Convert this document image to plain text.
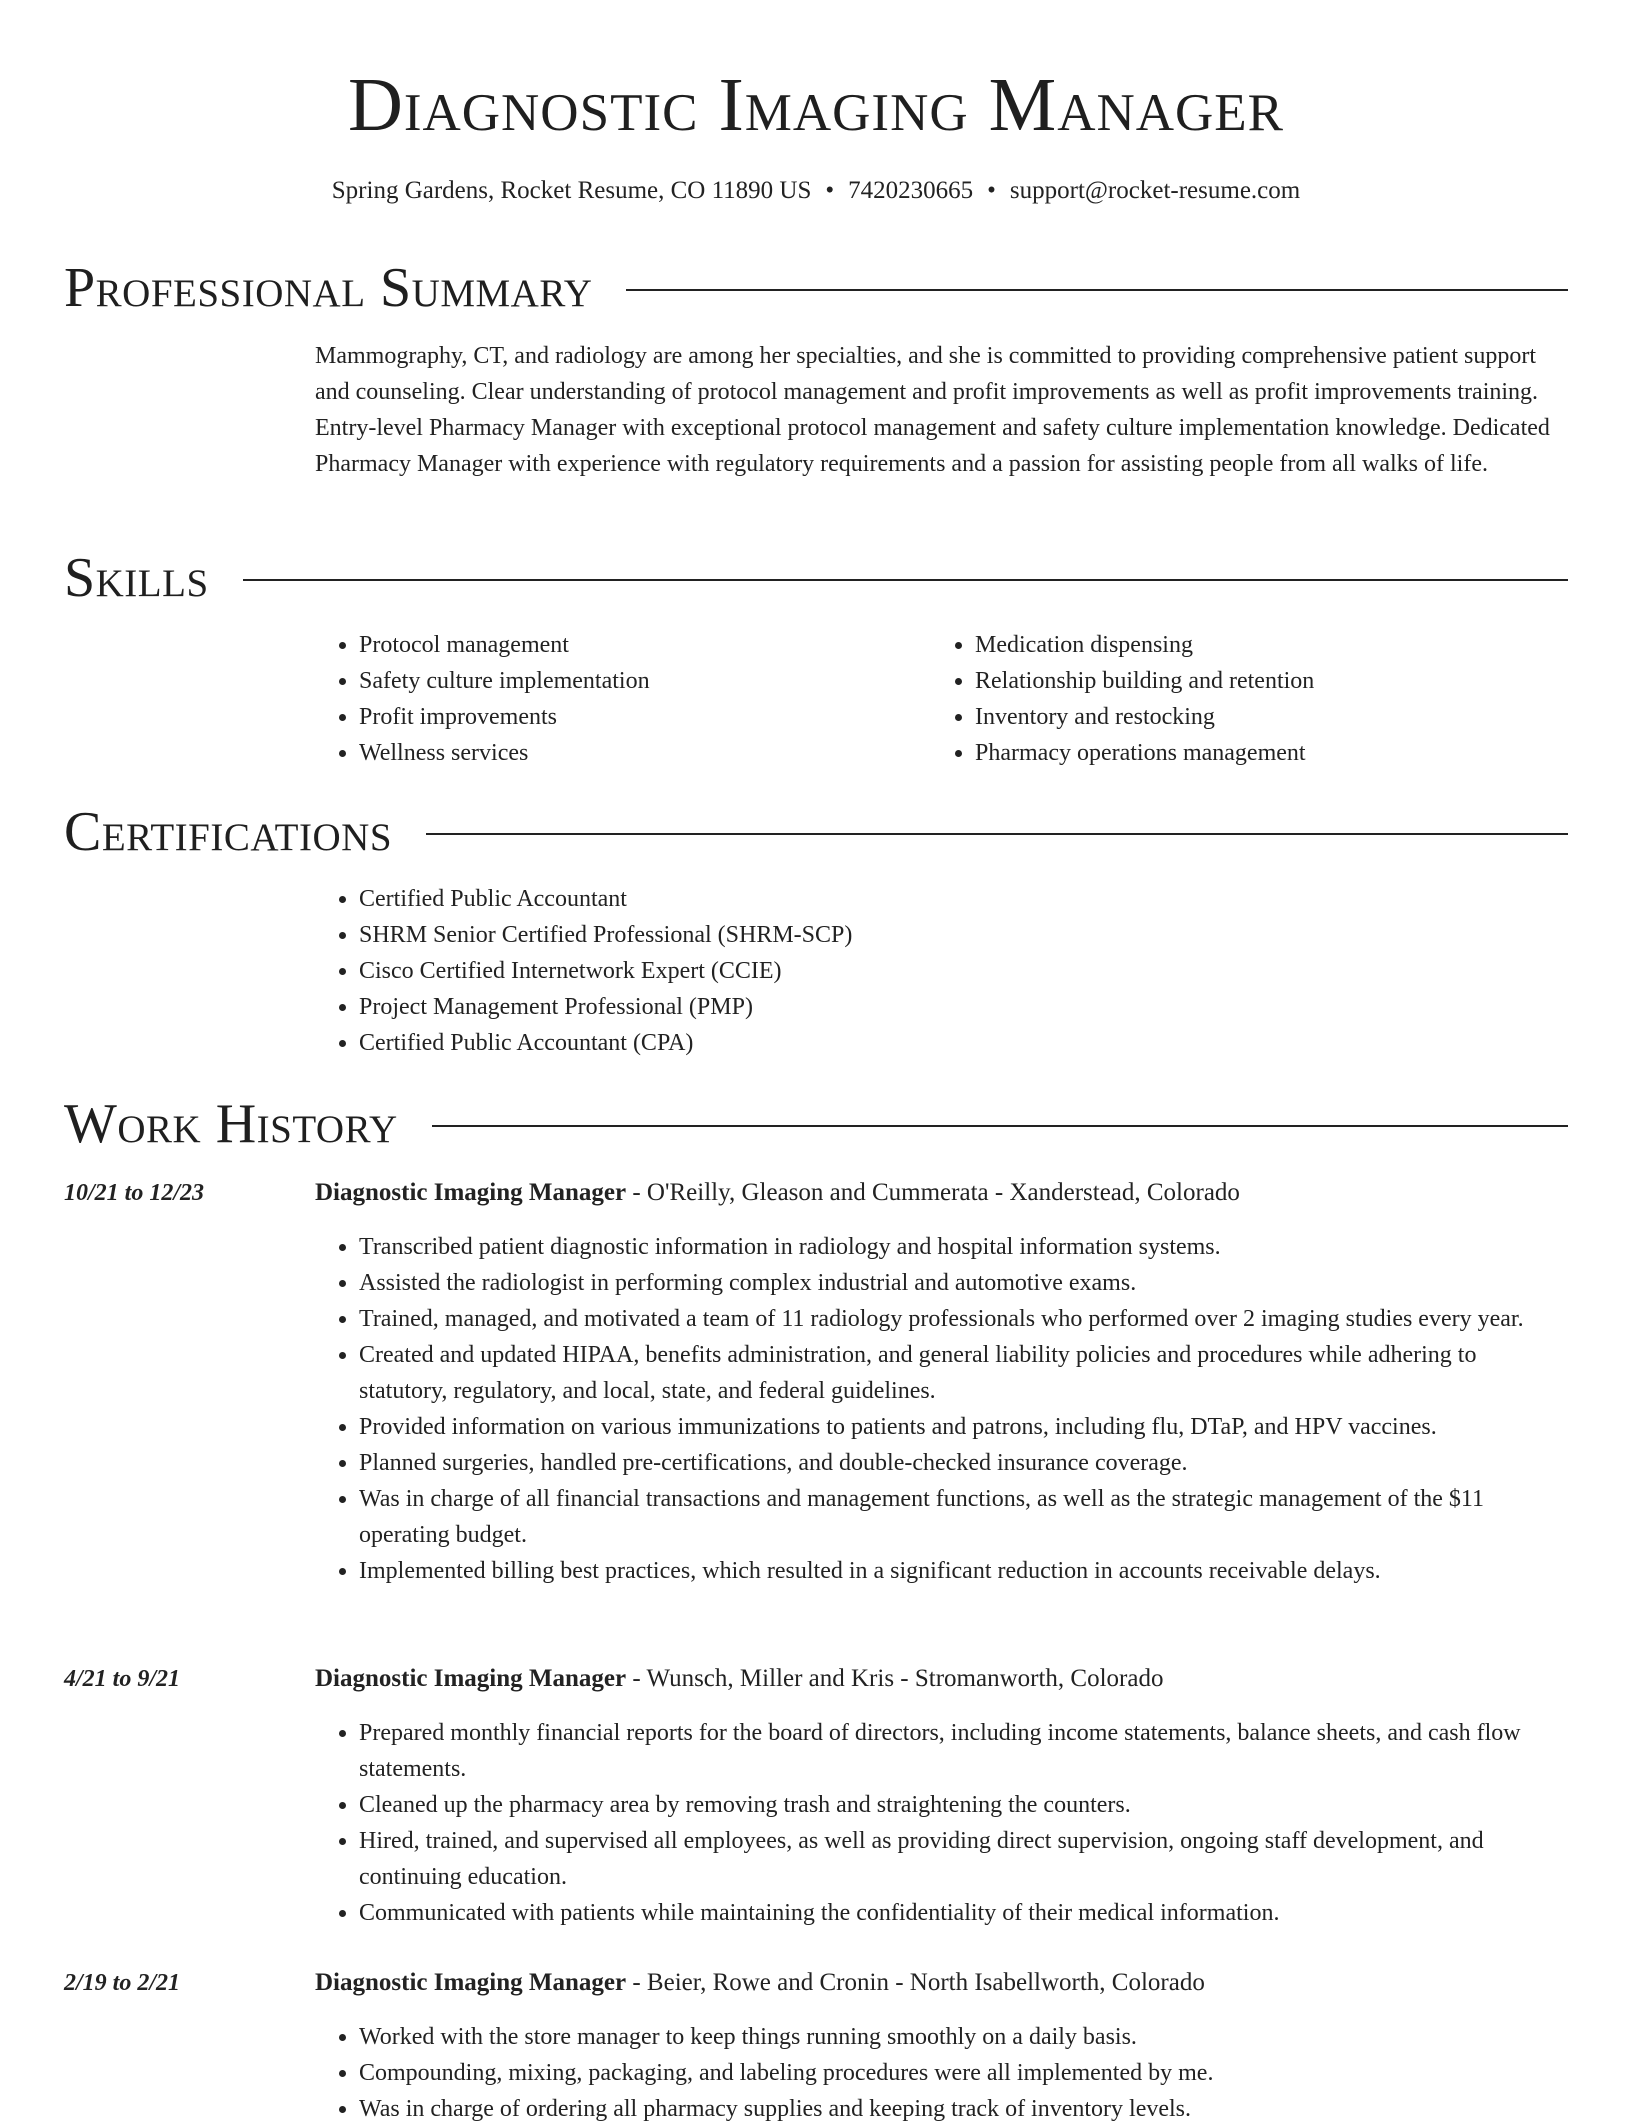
Diagnostic Imaging Manager
Spring Gardens, Rocket Resume, CO 11890 US • 7420230665 • support@rocket-resume.com
Professional Summary

Mammography, CT, and radiology are among her specialties, and she is committed to providing comprehensive patient support and counseling. Clear understanding of protocol management and profit improvements as well as profit improvements training. Entry-level Pharmacy Manager with exceptional protocol management and safety culture implementation knowledge. Dedicated Pharmacy Manager with experience with regulatory requirements and a passion for assisting people from all walks of life.

Skills
• Protocol management
• Safety culture implementation
• Profit improvements
• Wellness services
• Medication dispensing
• Relationship building and retention
• Inventory and restocking
• Pharmacy operations management
Certifications
• Certified Public Accountant
• SHRM Senior Certified Professional (SHRM-SCP)
• Cisco Certified Internetwork Expert (CCIE)
• Project Management Professional (PMP)
• Certified Public Accountant (CPA)
Work History
10/21 to 12/23	Diagnostic Imaging Manager - O'Reilly, Gleason and Cummerata - Xanderstead, Colorado
• Transcribed patient diagnostic information in radiology and hospital information systems.
• Assisted the radiologist in performing complex industrial and automotive exams.
• Trained, managed, and motivated a team of 11 radiology professionals who performed over 2 imaging studies every year.
• Created and updated HIPAA, benefits administration, and general liability policies and procedures while adhering to statutory, regulatory, and local, state, and federal guidelines.
• Provided information on various immunizations to patients and patrons, including flu, DTaP, and HPV vaccines.
• Planned surgeries, handled pre-certifications, and double-checked insurance coverage.
• Was in charge of all financial transactions and management functions, as well as the strategic management of the $11 operating budget.
• Implemented billing best practices, which resulted in a significant reduction in accounts receivable delays.
4/21 to 9/21	Diagnostic Imaging Manager - Wunsch, Miller and Kris - Stromanworth, Colorado
• Prepared monthly financial reports for the board of directors, including income statements, balance sheets, and cash flow statements.
• Cleaned up the pharmacy area by removing trash and straightening the counters.
• Hired, trained, and supervised all employees, as well as providing direct supervision, ongoing staff development, and continuing education.
• Communicated with patients while maintaining the confidentiality of their medical information.
2/19 to 2/21	Diagnostic Imaging Manager - Beier, Rowe and Cronin - North Isabellworth, Colorado
• Worked with the store manager to keep things running smoothly on a daily basis.
• Compounding, mixing, packaging, and labeling procedures were all implemented by me.
• Was in charge of ordering all pharmacy supplies and keeping track of inventory levels.
